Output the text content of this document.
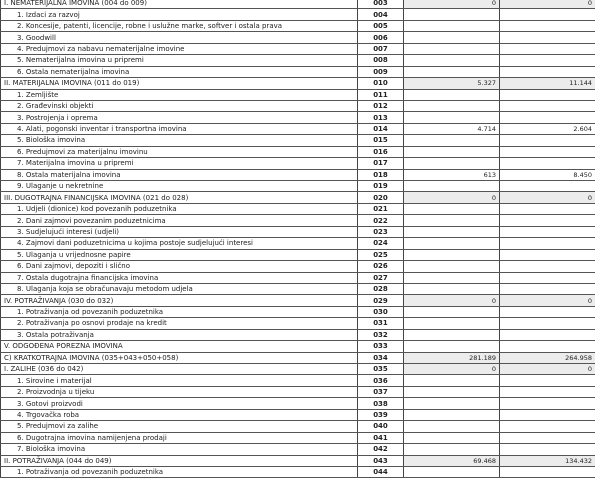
I. NEMATERIJALNA IMOVINA (004 do 009)	003	0	0
1. Izdaci za razvoj	004		
2. Koncesije, patenti, licencije, robne i uslužne marke, softver i ostala prava	005		
3. Goodwill	006		
4. Predujmovi za nabavu nematerijalne imovine	007		
5. Nematerijalna imovina u pripremi	008		
6. Ostala nematerijalna imovina	009		
II. MATERIJALNA IMOVINA (011 do 019)	010	5.327	11.144
1. Zemljište	011		
2. Građevinski objekti	012		
3. Postrojenja i oprema	013		
4. Alati, pogonski inventar i transportna imovina	014	4.714	2.604
5. Biološka imovina	015		
6. Predujmovi za materijalnu imovinu	016		
7. Materijalna imovina u pripremi	017		
8. Ostala materijalna imovina	018	613	8.450
9. Ulaganje u nekretnine	019		
III. DUGOTRAJNA FINANCIJSKA IMOVINA (021 do 028)	020	0	0
1. Udjeli (dionice) kod povezanih poduzetnika	021		
2. Dani zajmovi povezanim poduzetnicima	022		
3. Sudjelujući interesi (udjeli)	023		
4. Zajmovi dani poduzetnicima u kojima postoje sudjelujući interesi	024		
5. Ulaganja u vrijednosne papire	025		
6. Dani zajmovi, depoziti i slično	026		
7. Ostala dugotrajna financijska imovina	027		
8. Ulaganja koja se obračunavaju metodom udjela	028		
IV. POTRAŽIVANJA (030 do 032)	029	0	0
1. Potraživanja od povezanih poduzetnika	030		
2. Potraživanja po osnovi prodaje na kredit	031		
3. Ostala potraživanja	032		
V. ODGOĐENA POREZNA IMOVINA	033		
C) KRATKOTRAJNA IMOVINA (035+043+050+058)	034	281.189	264.958
I. ZALIHE (036 do 042)	035	0	0
1. Sirovine i materijal	036		
2. Proizvodnja u tijeku	037		
3. Gotovi proizvodi	038		
4. Trgovačka roba	039		
5. Predujmovi za zalihe	040		
6. Dugotrajna imovina namijenjena prodaji	041		
7. Biološka imovina	042		
II. POTRAŽIVANJA (044 do 049)	043	69.468	134.432
1. Potraživanja od povezanih poduzetnika	044		
